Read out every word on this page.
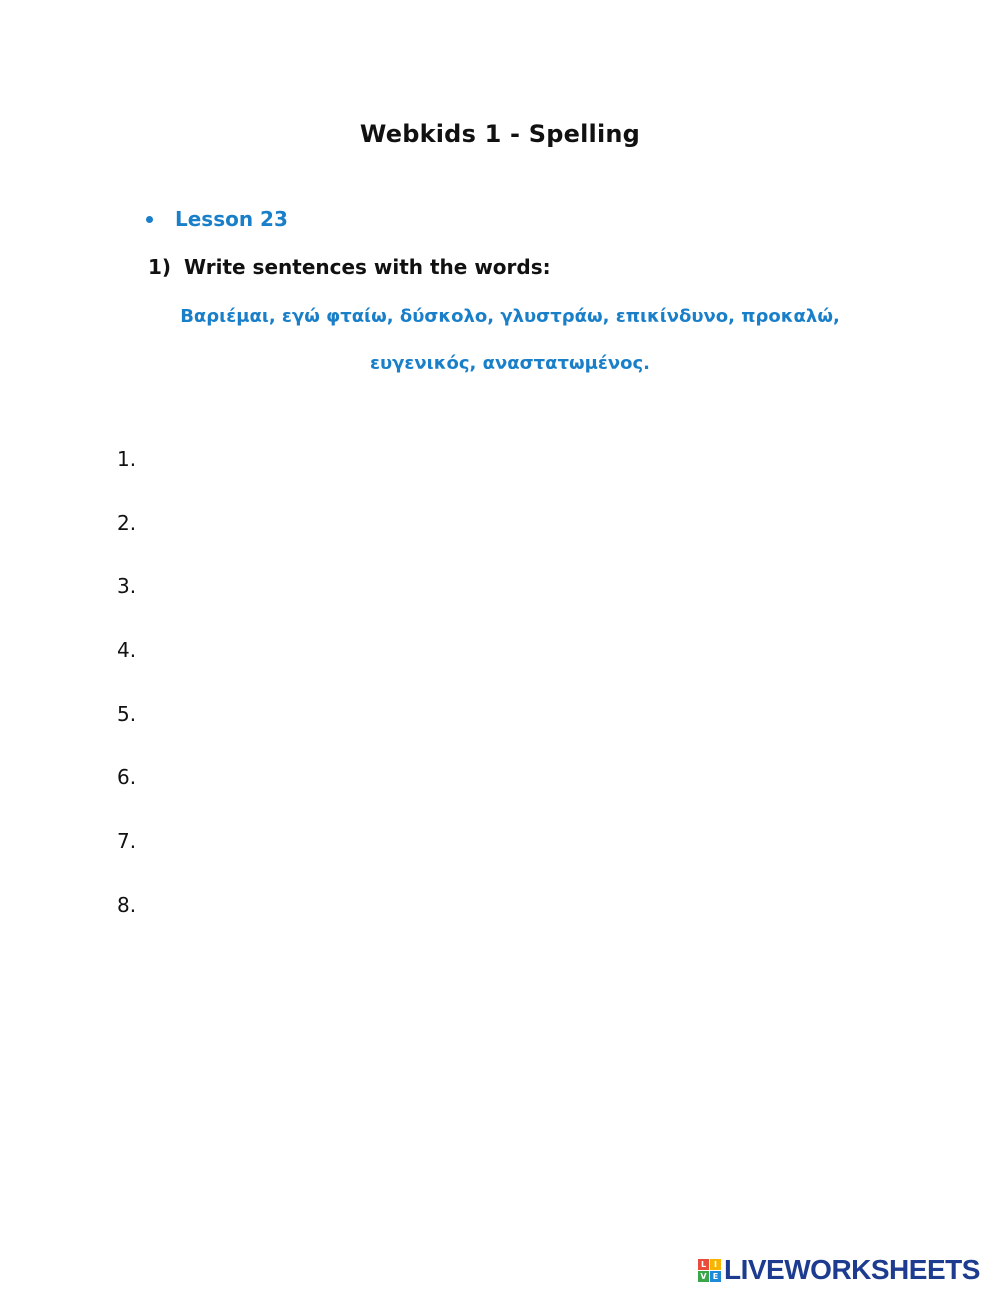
Webkids 1 - Spelling
Lesson 23
1) Write sentences with the words:
Βαριέμαι, εγώ φταίω, δύσκολο, γλυστράω, επικίνδυνο, προκαλώ,
ευγενικός, αναστατωμένος.
1.
2.
3.
4.
5.
6.
7.
8.
L I
V E LIVEWORKSHEETS
